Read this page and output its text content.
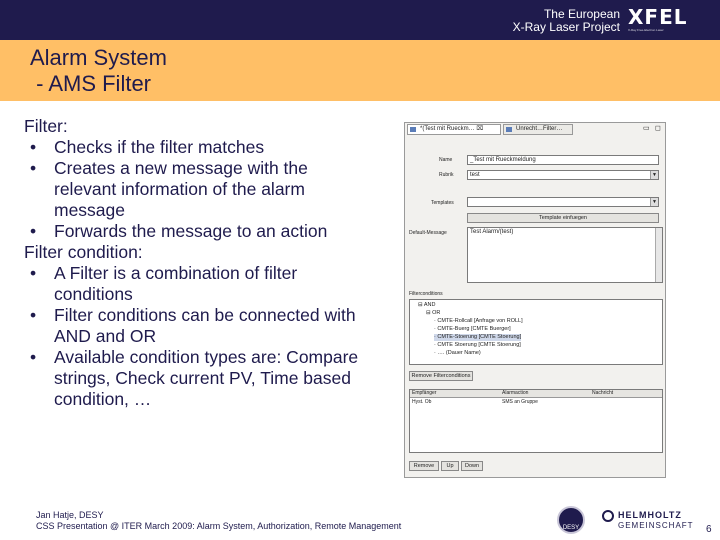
The European
X-Ray Laser Project XFEL
X-Ray Free-Electron Laser
Alarm System
- AMS Filter
Filter:
• Checks if the filter matches
• Creates a new message with the relevant information of the alarm message
• Forwards the message to an action
Filter condition:
• A Filter is a combination of filter conditions
• Filter conditions can be connected with AND and OR
• Available condition types are: Compare strings, Check current PV, Time based condition, …
*(Test mit Rueckm… ⌧	Unrecht…Filter…	▭ ◻
Name	_Test mit Rueckmeldung
Rubrik	test	▼
Templates	▼
Template einfuegen
Default-Message	Test Alarm/(test)
Filterconditions
⊟ AND
⊟ OR
· CMTE-Rollcall [Anfrage von ROLL]
· CMTE-Buerg [CMTE Buerger]
· CMTE-Stoerung [CMTE Stoerung]
· CMTE Stoerung [CMTE Stoerung]
· …. (Dauer Name)
Remove Filterconditions
Empfänger	Alarmaction	Nachricht
Hyst. Ob	SMS an Gruppe
Remove	Up	Down
Jan Hatje, DESY
CSS Presentation @ ITER March 2009: Alarm System, Authorization, Remote Management	DESY
HELMHOLTZ
GEMEINSCHAFT 6
